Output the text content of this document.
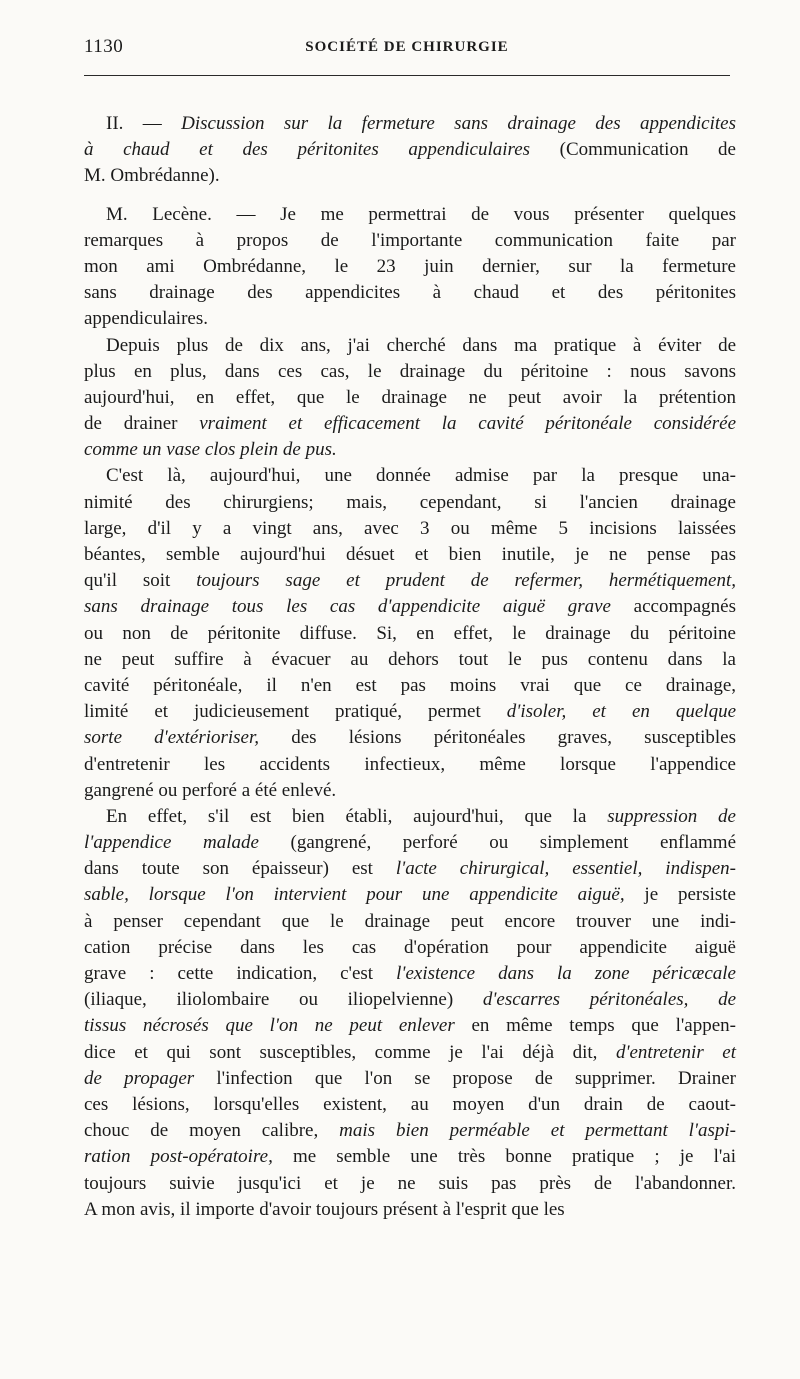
1130	SOCIÉTÉ DE CHIRURGIE
II. — Discussion sur la fermeture sans drainage des appendicites
à chaud et des péritonites appendiculaires (Communication de
M. Ombrédanne).
M. Lecène. — Je me permettrai de vous présenter quelques
remarques à propos de l'importante communication faite par
mon ami Ombrédanne, le 23 juin dernier, sur la fermeture
sans drainage des appendicites à chaud et des péritonites
appendiculaires.
Depuis plus de dix ans, j'ai cherché dans ma pratique à éviter de
plus en plus, dans ces cas, le drainage du péritoine : nous savons
aujourd'hui, en effet, que le drainage ne peut avoir la prétention
de drainer vraiment et efficacement la cavité péritonéale considérée
comme un vase clos plein de pus.
C'est là, aujourd'hui, une donnée admise par la presque una-
nimité des chirurgiens; mais, cependant, si l'ancien drainage
large, d'il y a vingt ans, avec 3 ou même 5 incisions laissées
béantes, semble aujourd'hui désuet et bien inutile, je ne pense pas
qu'il soit toujours sage et prudent de refermer, hermétiquement,
sans drainage tous les cas d'appendicite aiguë grave accompagnés
ou non de péritonite diffuse. Si, en effet, le drainage du péritoine
ne peut suffire à évacuer au dehors tout le pus contenu dans la
cavité péritonéale, il n'en est pas moins vrai que ce drainage,
limité et judicieusement pratiqué, permet d'isoler, et en quelque
sorte d'extérioriser, des lésions péritonéales graves, susceptibles
d'entretenir les accidents infectieux, même lorsque l'appendice
gangrené ou perforé a été enlevé.
En effet, s'il est bien établi, aujourd'hui, que la suppression de
l'appendice malade (gangrené, perforé ou simplement enflammé
dans toute son épaisseur) est l'acte chirurgical, essentiel, indispen-
sable, lorsque l'on intervient pour une appendicite aiguë, je persiste
à penser cependant que le drainage peut encore trouver une indi-
cation précise dans les cas d'opération pour appendicite aiguë
grave : cette indication, c'est l'existence dans la zone péricæcale
(iliaque, iliolombaire ou iliopelvienne) d'escarres péritonéales, de
tissus nécrosés que l'on ne peut enlever en même temps que l'appen-
dice et qui sont susceptibles, comme je l'ai déjà dit, d'entretenir et
de propager l'infection que l'on se propose de supprimer. Drainer
ces lésions, lorsqu'elles existent, au moyen d'un drain de caout-
chouc de moyen calibre, mais bien perméable et permettant l'aspi-
ration post-opératoire, me semble une très bonne pratique ; je l'ai
toujours suivie jusqu'ici et je ne suis pas près de l'abandonner.
A mon avis, il importe d'avoir toujours présent à l'esprit que les
